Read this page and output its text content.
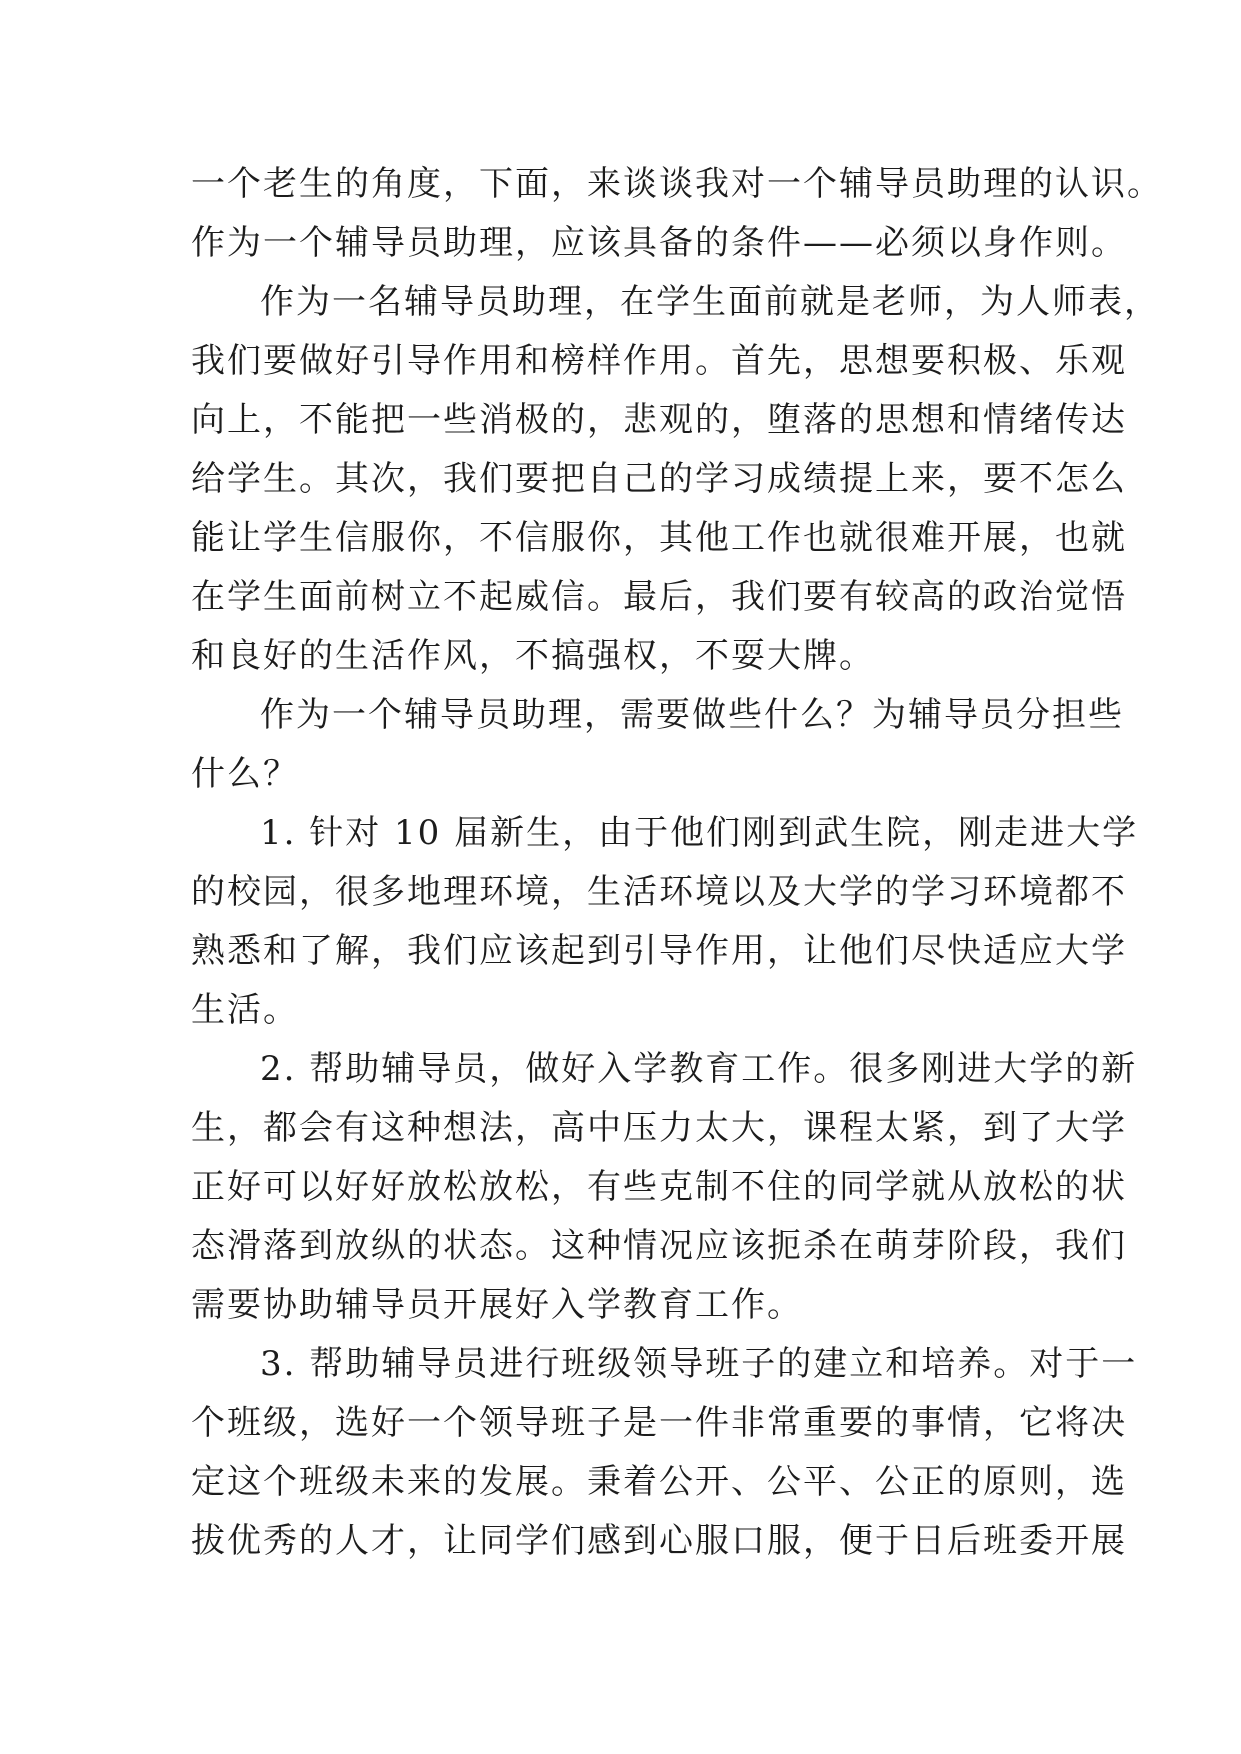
一个老生的角度，下面，来谈谈我对一个辅导员助理的认识。
作为一个辅导员助理，应该具备的条件——必须以身作则。
作为一名辅导员助理，在学生面前就是老师，为人师表，
我们要做好引导作用和榜样作用。首先，思想要积极、乐观
向上，不能把一些消极的，悲观的，堕落的思想和情绪传达
给学生。其次，我们要把自己的学习成绩提上来，要不怎么
能让学生信服你，不信服你，其他工作也就很难开展，也就
在学生面前树立不起威信。最后，我们要有较高的政治觉悟
和良好的生活作风，不搞强权，不耍大牌。
作为一个辅导员助理，需要做些什么？为辅导员分担些
什么？
1. 针对 10 届新生，由于他们刚到武生院，刚走进大学
的校园，很多地理环境，生活环境以及大学的学习环境都不
熟悉和了解，我们应该起到引导作用，让他们尽快适应大学
生活。
2. 帮助辅导员，做好入学教育工作。很多刚进大学的新
生，都会有这种想法，高中压力太大，课程太紧，到了大学
正好可以好好放松放松，有些克制不住的同学就从放松的状
态滑落到放纵的状态。这种情况应该扼杀在萌芽阶段，我们
需要协助辅导员开展好入学教育工作。
3. 帮助辅导员进行班级领导班子的建立和培养。对于一
个班级，选好一个领导班子是一件非常重要的事情，它将决
定这个班级未来的发展。秉着公开、公平、公正的原则，选
拔优秀的人才，让同学们感到心服口服，便于日后班委开展
